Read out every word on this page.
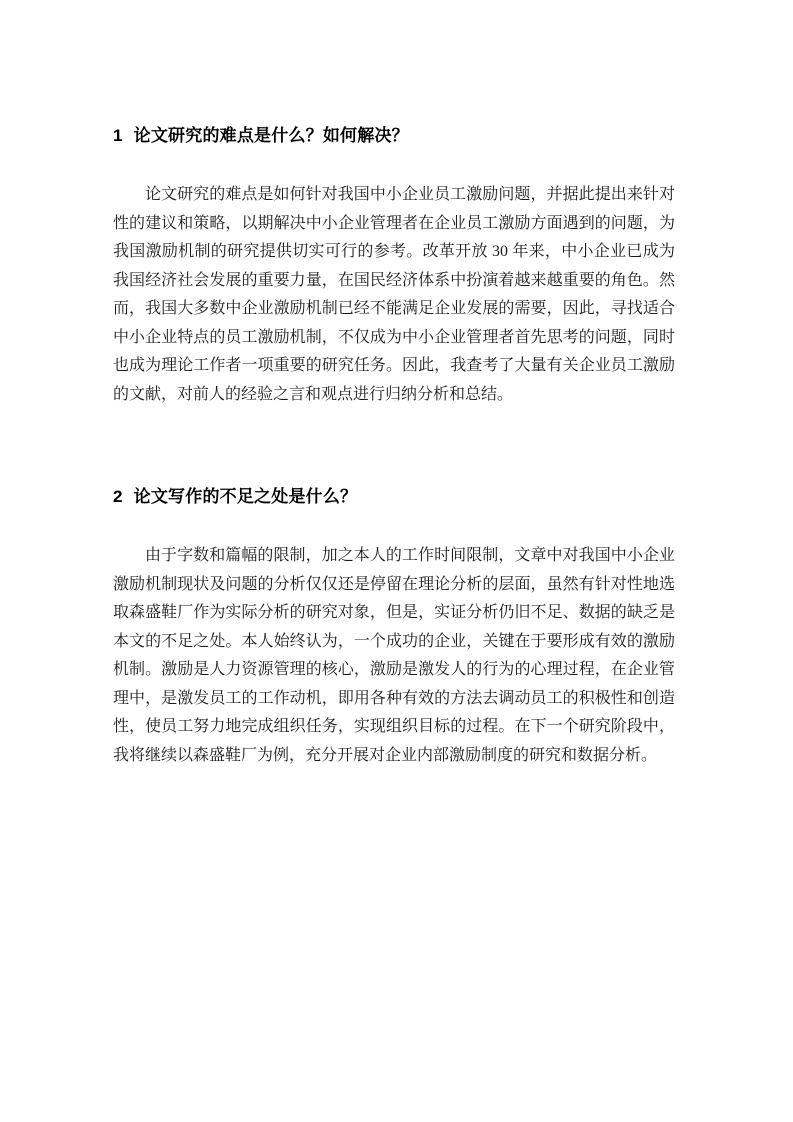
1 论文研究的难点是什么？如何解决？

论文研究的难点是如何针对我国中小企业员工激励问题，并据此提出来针对性的建议和策略，以期解决中小企业管理者在企业员工激励方面遇到的问题，为我国激励机制的研究提供切实可行的参考。改革开放 30 年来，中小企业已成为我国经济社会发展的重要力量，在国民经济体系中扮演着越来越重要的角色。然而，我国大多数中企业激励机制已经不能满足企业发展的需要，因此，寻找适合中小企业特点的员工激励机制，不仅成为中小企业管理者首先思考的问题，同时也成为理论工作者一项重要的研究任务。因此，我查考了大量有关企业员工激励的文献，对前人的经验之言和观点进行归纳分析和总结。

2 论文写作的不足之处是什么？

由于字数和篇幅的限制，加之本人的工作时间限制，文章中对我国中小企业激励机制现状及问题的分析仅仅还是停留在理论分析的层面，虽然有针对性地选取森盛鞋厂作为实际分析的研究对象，但是，实证分析仍旧不足、数据的缺乏是本文的不足之处。本人始终认为，一个成功的企业，关键在于要形成有效的激励机制。激励是人力资源管理的核心，激励是激发人的行为的心理过程，在企业管理中，是激发员工的工作动机，即用各种有效的方法去调动员工的积极性和创造性，使员工努力地完成组织任务，实现组织目标的过程。在下一个研究阶段中，我将继续以森盛鞋厂为例，充分开展对企业内部激励制度的研究和数据分析。
